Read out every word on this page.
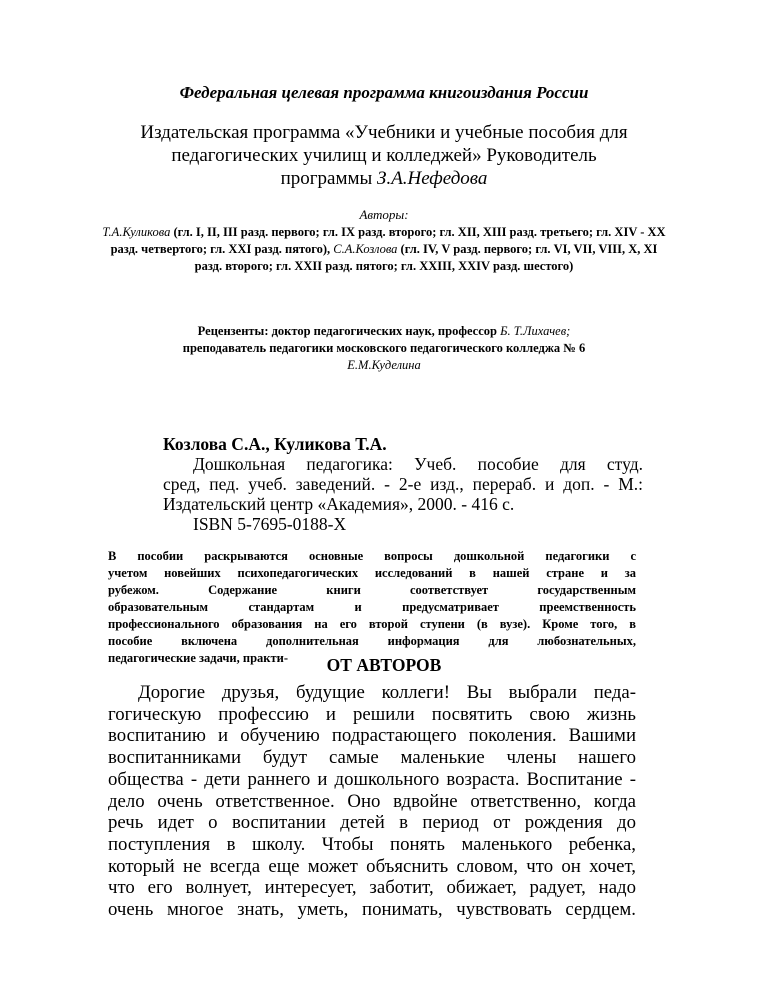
Федеральная целевая программа книгоиздания России
Издательская программа «Учебники и учебные пособия для
педагогических училищ и колледжей» Руководитель
программы З.А.Нефедова
Авторы:
Т.А.Куликова (гл. I, II, III разд. первого; гл. IX разд. второго; гл. XII, XIII разд. третьего; гл. XIV - XX разд. четвертого; гл. XXI разд. пятого), С.А.Козлова (гл. IV, V разд. первого; гл. VI, VII, VIII, X, XI разд. второго; гл. XXII разд. пятого; гл. XXIII, XXIV разд. шестого)
Рецензенты: доктор педагогических наук, профессор Б. Т.Лихачев;
преподаватель педагогики московского педагогического колледжа № 6
Е.М.Куделина

Козлова С.А., Куликова Т.А.

Дошкольная педагогика: Учеб. пособие для студ.

сред, пед. учеб. заведений. - 2-е изд., перераб. и доп. - М.:

Издательский центр «Академия», 2000. - 416 с.

ISBN 5-7695-0188-Х

В пособии раскрываются основные вопросы дошкольной педагогики с
учетом новейших психопедагогических исследований в нашей стране и за
рубежом. Содержание книги соответствует государственным
образовательным стандартам и предусматривает преемственность
профессионального образования на его второй ступени (в вузе). Кроме того, в
пособие включена дополнительная информация для любознательных,
педагогические задачи, практи-	ОТ АВТОРОВ
Дорогие друзья, будущие коллеги! Вы выбрали педа-
гогическую профессию и решили посвятить свою жизнь
воспитанию и обучению подрастающего поколения. Вашими
воспитанниками будут самые маленькие члены нашего
общества - дети раннего и дошкольного возраста. Воспитание -
дело очень ответственное. Оно вдвойне ответственно, когда
речь идет о воспитании детей в период от рождения до
поступления в школу. Чтобы понять маленького ребенка,
который не всегда еще может объяснить словом, что он хочет,
что его волнует, интересует, заботит, обижает, радует, надо
очень многое знать, уметь, понимать, чувствовать сердцем.
